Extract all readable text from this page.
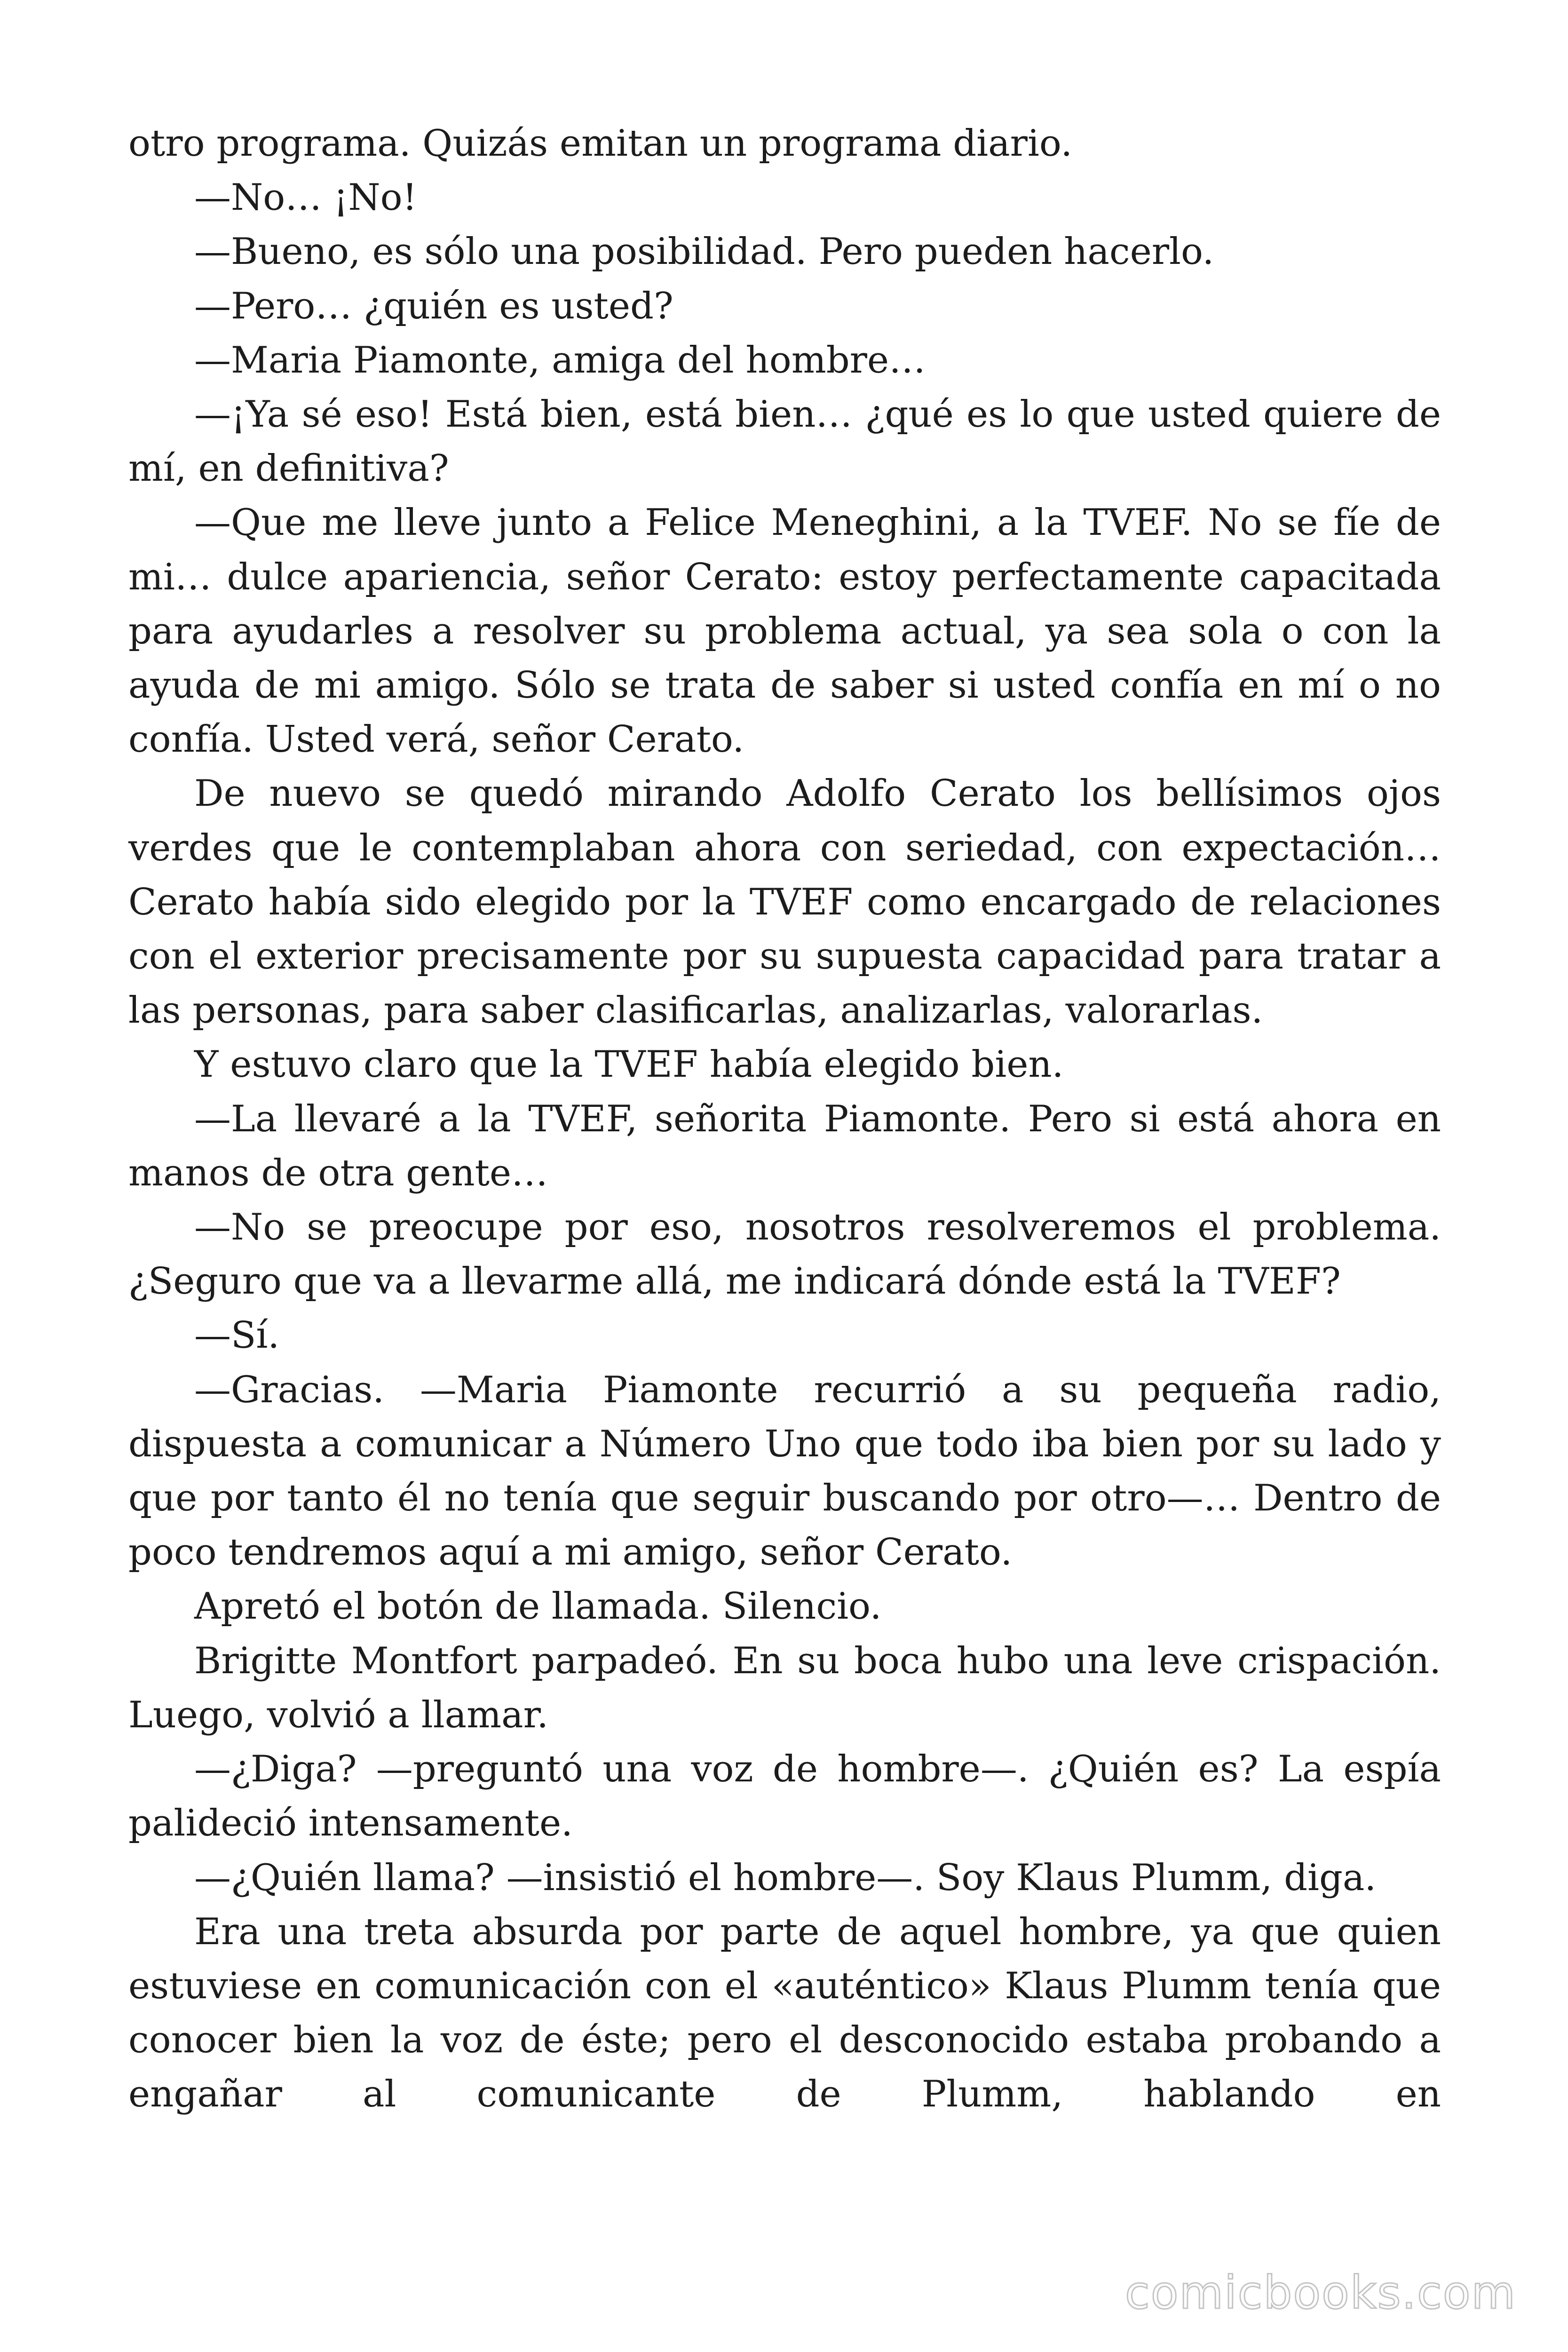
otro programa. Quizás emitan un programa diario.

—No… ¡No!

—Bueno, es sólo una posibilidad. Pero pueden hacerlo.

—Pero… ¿quién es usted?

—Maria Piamonte, amiga del hombre…

—¡Ya sé eso! Está bien, está bien… ¿qué es lo que usted quiere de mí, en definitiva?

—Que me lleve junto a Felice Meneghini, a la TVEF. No se fíe de mi… dulce apariencia, señor Cerato: estoy perfectamente capacitada para ayudarles a resolver su problema actual, ya sea sola o con la ayuda de mi amigo. Sólo se trata de saber si usted confía en mí o no confía. Usted verá, señor Cerato.

De nuevo se quedó mirando Adolfo Cerato los bellísimos ojos verdes que le contemplaban ahora con seriedad, con expectación… Cerato había sido elegido por la TVEF como encargado de relaciones con el exterior precisamente por su supuesta capacidad para tratar a las personas, para saber clasificarlas, analizarlas, valorarlas.

Y estuvo claro que la TVEF había elegido bien.

—La llevaré a la TVEF, señorita Piamonte. Pero si está ahora en manos de otra gente…

—No se preocupe por eso, nosotros resolveremos el problema. ¿Seguro que va a llevarme allá, me indicará dónde está la TVEF?

—Sí.

—Gracias. —Maria Piamonte recurrió a su pequeña radio, dispuesta a comunicar a Número Uno que todo iba bien por su lado y que por tanto él no tenía que seguir buscando por otro—… Dentro de poco tendremos aquí a mi amigo, señor Cerato.

Apretó el botón de llamada. Silencio.

Brigitte Montfort parpadeó. En su boca hubo una leve crispación. Luego, volvió a llamar.

—¿Diga? —preguntó una voz de hombre—. ¿Quién es? La espía palideció intensamente.

—¿Quién llama? —insistió el hombre—. Soy Klaus Plumm, diga.

Era una treta absurda por parte de aquel hombre, ya que quien estuviese en comunicación con el «auténtico» Klaus Plumm tenía que conocer bien la voz de éste; pero el desconocido estaba probando a engañar al comunicante de Plumm, hablando en

comicbooks.com
